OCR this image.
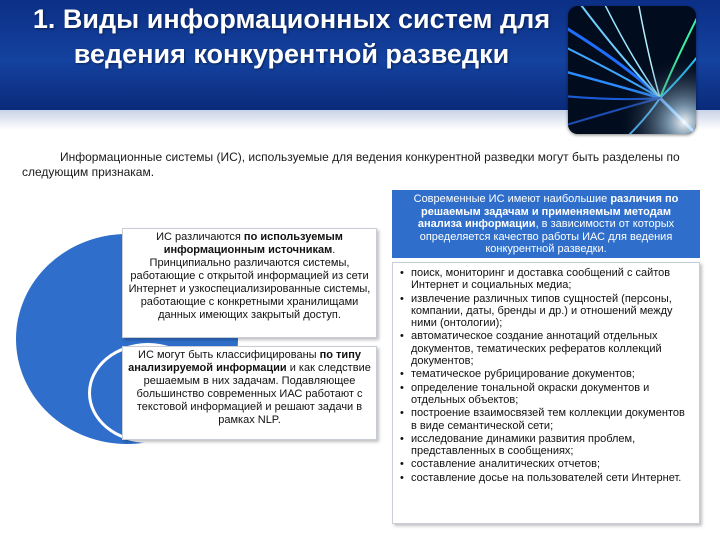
1. Виды информационных систем для ведения конкурентной разведки

Информационные системы (ИС), используемые для ведения конкурентной разведки могут быть разделены по следующим признакам.

ИС различаются по используемым информационным источникам. Принципиально различаются системы, работающие с открытой информацией из сети Интернет и узкоспециализированные системы, работающие с конкретными хранилищами данных имеющих закрытый доступ.
ИС могут быть классифицированы по типу анализируемой информации и как следствие решаемым в них задачам. Подавляющее большинство современных ИАС работают с текстовой информацией и решают задачи в рамках NLP.
Современные ИС имеют наибольшие различия по решаемым задачам и применяемым методам анализа информации, в зависимости от которых определяется качество работы ИАС для ведения конкурентной разведки.
• поиск, мониторинг и доставка сообщений с сайтов Интернет и социальных медиа;
• извлечение различных типов сущностей (персоны, компании, даты, бренды и др.) и отношений между ними (онтологии);
• автоматическое создание аннотаций отдельных документов, тематических рефератов коллекций документов;
• тематическое рубрицирование документов;
• определение тональной окраски документов и отдельных объектов;
• построение взаимосвязей тем коллекции документов в виде семантической сети;
• исследование динамики развития проблем, представленных в сообщениях;
• составление аналитических отчетов;
• составление досье на пользователей сети Интернет.
